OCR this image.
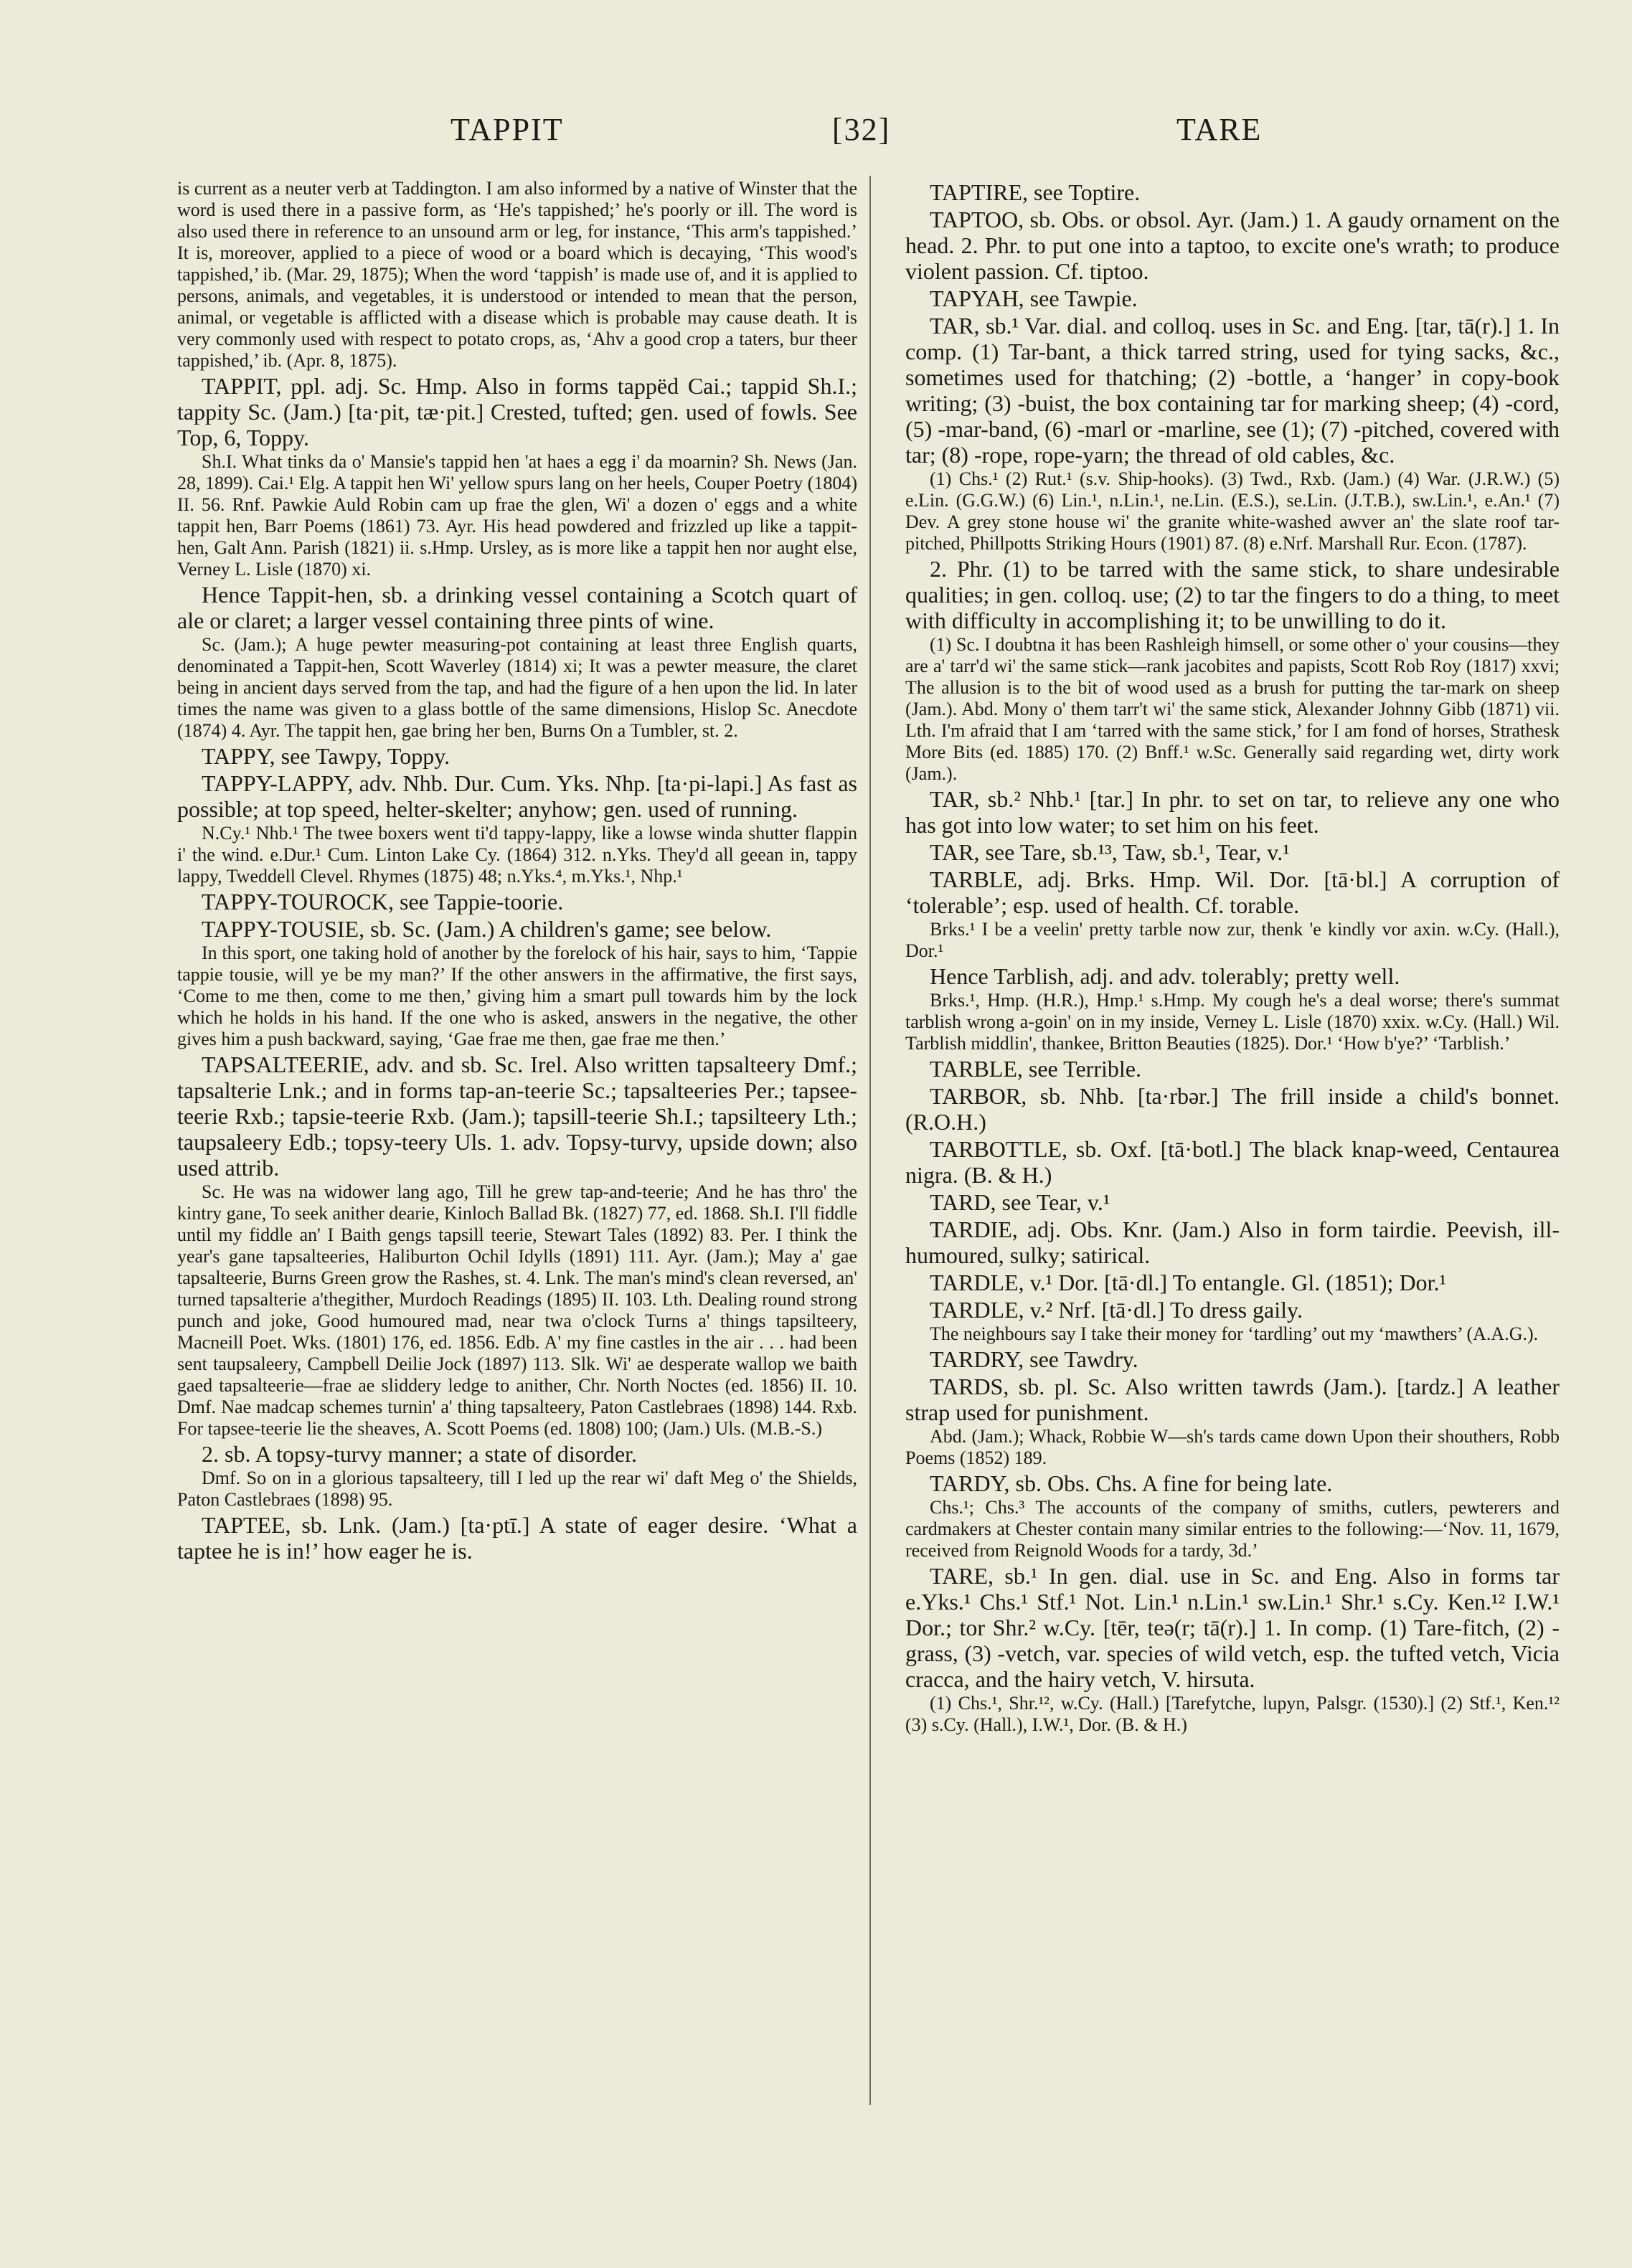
TAPPIT	[32]	TARE

is current as a neuter verb at Taddington. I am also informed by a native of Winster that the word is used there in a passive form, as ‘He's tappished;’ he's poorly or ill. The word is also used there in reference to an unsound arm or leg, for instance, ‘This arm's tappished.’ It is, moreover, applied to a piece of wood or a board which is decaying, ‘This wood's tappished,’ ib. (Mar. 29, 1875); When the word ‘tappish’ is made use of, and it is applied to persons, animals, and vegetables, it is understood or intended to mean that the person, animal, or vegetable is afflicted with a disease which is probable may cause death. It is very commonly used with respect to potato crops, as, ‘Ahv a good crop a taters, bur theer tappished,’ ib. (Apr. 8, 1875).

TAPPIT, ppl. adj. Sc. Hmp. Also in forms tappëd Cai.; tappid Sh.I.; tappity Sc. (Jam.) [ta·pit, tæ·pit.] Crested, tufted; gen. used of fowls. See Top, 6, Toppy.

Sh.I. What tinks da o' Mansie's tappid hen 'at haes a egg i' da moarnin? Sh. News (Jan. 28, 1899). Cai.¹ Elg. A tappit hen Wi' yellow spurs lang on her heels, Couper Poetry (1804) II. 56. Rnf. Pawkie Auld Robin cam up frae the glen, Wi' a dozen o' eggs and a white tappit hen, Barr Poems (1861) 73. Ayr. His head powdered and frizzled up like a tappit-hen, Galt Ann. Parish (1821) ii. s.Hmp. Ursley, as is more like a tappit hen nor aught else, Verney L. Lisle (1870) xi.

Hence Tappit-hen, sb. a drinking vessel containing a Scotch quart of ale or claret; a larger vessel containing three pints of wine.

Sc. (Jam.); A huge pewter measuring-pot containing at least three English quarts, denominated a Tappit-hen, Scott Waverley (1814) xi; It was a pewter measure, the claret being in ancient days served from the tap, and had the figure of a hen upon the lid. In later times the name was given to a glass bottle of the same dimensions, Hislop Sc. Anecdote (1874) 4. Ayr. The tappit hen, gae bring her ben, Burns On a Tumbler, st. 2.

TAPPY, see Tawpy, Toppy.

TAPPY-LAPPY, adv. Nhb. Dur. Cum. Yks. Nhp. [ta·pi-lapi.] As fast as possible; at top speed, helter-skelter; anyhow; gen. used of running.

N.Cy.¹ Nhb.¹ The twee boxers went ti'd tappy-lappy, like a lowse winda shutter flappin i' the wind. e.Dur.¹ Cum. Linton Lake Cy. (1864) 312. n.Yks. They'd all geean in, tappy lappy, Tweddell Clevel. Rhymes (1875) 48; n.Yks.⁴, m.Yks.¹, Nhp.¹

TAPPY-TOUROCK, see Tappie-toorie.

TAPPY-TOUSIE, sb. Sc. (Jam.) A children's game; see below.

In this sport, one taking hold of another by the forelock of his hair, says to him, ‘Tappie tappie tousie, will ye be my man?’ If the other answers in the affirmative, the first says, ‘Come to me then, come to me then,’ giving him a smart pull towards him by the lock which he holds in his hand. If the one who is asked, answers in the negative, the other gives him a push backward, saying, ‘Gae frae me then, gae frae me then.’

TAPSALTEERIE, adv. and sb. Sc. Irel. Also written tapsalteery Dmf.; tapsalterie Lnk.; and in forms tap-an-teerie Sc.; tapsalteeries Per.; tapsee-teerie Rxb.; tapsie-teerie Rxb. (Jam.); tapsill-teerie Sh.I.; tapsilteery Lth.; taupsaleery Edb.; topsy-teery Uls. 1. adv. Topsy-turvy, upside down; also used attrib.

Sc. He was na widower lang ago, Till he grew tap-and-teerie; And he has thro' the kintry gane, To seek anither dearie, Kinloch Ballad Bk. (1827) 77, ed. 1868. Sh.I. I'll fiddle until my fiddle an' I Baith gengs tapsill teerie, Stewart Tales (1892) 83. Per. I think the year's gane tapsalteeries, Haliburton Ochil Idylls (1891) 111. Ayr. (Jam.); May a' gae tapsalteerie, Burns Green grow the Rashes, st. 4. Lnk. The man's mind's clean reversed, an' turned tapsalterie a'thegither, Murdoch Readings (1895) II. 103. Lth. Dealing round strong punch and joke, Good humoured mad, near twa o'clock Turns a' things tapsilteery, Macneill Poet. Wks. (1801) 176, ed. 1856. Edb. A' my fine castles in the air . . . had been sent taupsaleery, Campbell Deilie Jock (1897) 113. Slk. Wi' ae desperate wallop we baith gaed tapsalteerie—frae ae sliddery ledge to anither, Chr. North Noctes (ed. 1856) II. 10. Dmf. Nae madcap schemes turnin' a' thing tapsalteery, Paton Castlebraes (1898) 144. Rxb. For tapsee-teerie lie the sheaves, A. Scott Poems (ed. 1808) 100; (Jam.) Uls. (M.B.-S.)

2. sb. A topsy-turvy manner; a state of disorder.

Dmf. So on in a glorious tapsalteery, till I led up the rear wi' daft Meg o' the Shields, Paton Castlebraes (1898) 95.

TAPTEE, sb. Lnk. (Jam.) [ta·ptī.] A state of eager desire. ‘What a taptee he is in!’ how eager he is.

TAPTIRE, see Toptire.

TAPTOO, sb. Obs. or obsol. Ayr. (Jam.) 1. A gaudy ornament on the head. 2. Phr. to put one into a taptoo, to excite one's wrath; to produce violent passion. Cf. tiptoo.

TAPYAH, see Tawpie.

TAR, sb.¹ Var. dial. and colloq. uses in Sc. and Eng. [tar, tā(r).] 1. In comp. (1) Tar-bant, a thick tarred string, used for tying sacks, &c., sometimes used for thatching; (2) -bottle, a ‘hanger’ in copy-book writing; (3) -buist, the box containing tar for marking sheep; (4) -cord, (5) -mar-band, (6) -marl or -marline, see (1); (7) -pitched, covered with tar; (8) -rope, rope-yarn; the thread of old cables, &c.

(1) Chs.¹ (2) Rut.¹ (s.v. Ship-hooks). (3) Twd., Rxb. (Jam.) (4) War. (J.R.W.) (5) e.Lin. (G.G.W.) (6) Lin.¹, n.Lin.¹, ne.Lin. (E.S.), se.Lin. (J.T.B.), sw.Lin.¹, e.An.¹ (7) Dev. A grey stone house wi' the granite white-washed awver an' the slate roof tar-pitched, Phillpotts Striking Hours (1901) 87. (8) e.Nrf. Marshall Rur. Econ. (1787).

2. Phr. (1) to be tarred with the same stick, to share undesirable qualities; in gen. colloq. use; (2) to tar the fingers to do a thing, to meet with difficulty in accomplishing it; to be unwilling to do it.

(1) Sc. I doubtna it has been Rashleigh himsell, or some other o' your cousins—they are a' tarr'd wi' the same stick—rank jacobites and papists, Scott Rob Roy (1817) xxvi; The allusion is to the bit of wood used as a brush for putting the tar-mark on sheep (Jam.). Abd. Mony o' them tarr't wi' the same stick, Alexander Johnny Gibb (1871) vii. Lth. I'm afraid that I am ‘tarred with the same stick,’ for I am fond of horses, Strathesk More Bits (ed. 1885) 170. (2) Bnff.¹ w.Sc. Generally said regarding wet, dirty work (Jam.).

TAR, sb.² Nhb.¹ [tar.] In phr. to set on tar, to relieve any one who has got into low water; to set him on his feet.

TAR, see Tare, sb.¹³, Taw, sb.¹, Tear, v.¹

TARBLE, adj. Brks. Hmp. Wil. Dor. [tā·bl.] A corruption of ‘tolerable’; esp. used of health. Cf. torable.

Brks.¹ I be a veelin' pretty tarble now zur, thenk 'e kindly vor axin. w.Cy. (Hall.), Dor.¹

Hence Tarblish, adj. and adv. tolerably; pretty well.

Brks.¹, Hmp. (H.R.), Hmp.¹ s.Hmp. My cough he's a deal worse; there's summat tarblish wrong a-goin' on in my inside, Verney L. Lisle (1870) xxix. w.Cy. (Hall.) Wil. Tarblish middlin', thankee, Britton Beauties (1825). Dor.¹ ‘How b'ye?’ ‘Tarblish.’

TARBLE, see Terrible.

TARBOR, sb. Nhb. [ta·rbər.] The frill inside a child's bonnet. (R.O.H.)

TARBOTTLE, sb. Oxf. [tā·botl.] The black knap-weed, Centaurea nigra. (B. & H.)

TARD, see Tear, v.¹

TARDIE, adj. Obs. Knr. (Jam.) Also in form tairdie. Peevish, ill-humoured, sulky; satirical.

TARDLE, v.¹ Dor. [tā·dl.] To entangle. Gl. (1851); Dor.¹

TARDLE, v.² Nrf. [tā·dl.] To dress gaily.

The neighbours say I take their money for ‘tardling’ out my ‘mawthers’ (A.A.G.).

TARDRY, see Tawdry.

TARDS, sb. pl. Sc. Also written tawrds (Jam.). [tardz.] A leather strap used for punishment.

Abd. (Jam.); Whack, Robbie W—sh's tards came down Upon their shouthers, Robb Poems (1852) 189.

TARDY, sb. Obs. Chs. A fine for being late.

Chs.¹; Chs.³ The accounts of the company of smiths, cutlers, pewterers and cardmakers at Chester contain many similar entries to the following:—‘Nov. 11, 1679, received from Reignold Woods for a tardy, 3d.’

TARE, sb.¹ In gen. dial. use in Sc. and Eng. Also in forms tar e.Yks.¹ Chs.¹ Stf.¹ Not. Lin.¹ n.Lin.¹ sw.Lin.¹ Shr.¹ s.Cy. Ken.¹² I.W.¹ Dor.; tor Shr.² w.Cy. [tēr, teə(r; tā(r).] 1. In comp. (1) Tare-fitch, (2) -grass, (3) -vetch, var. species of wild vetch, esp. the tufted vetch, Vicia cracca, and the hairy vetch, V. hirsuta.

(1) Chs.¹, Shr.¹², w.Cy. (Hall.) [Tarefytche, lupyn, Palsgr. (1530).] (2) Stf.¹, Ken.¹² (3) s.Cy. (Hall.), I.W.¹, Dor. (B. & H.)
